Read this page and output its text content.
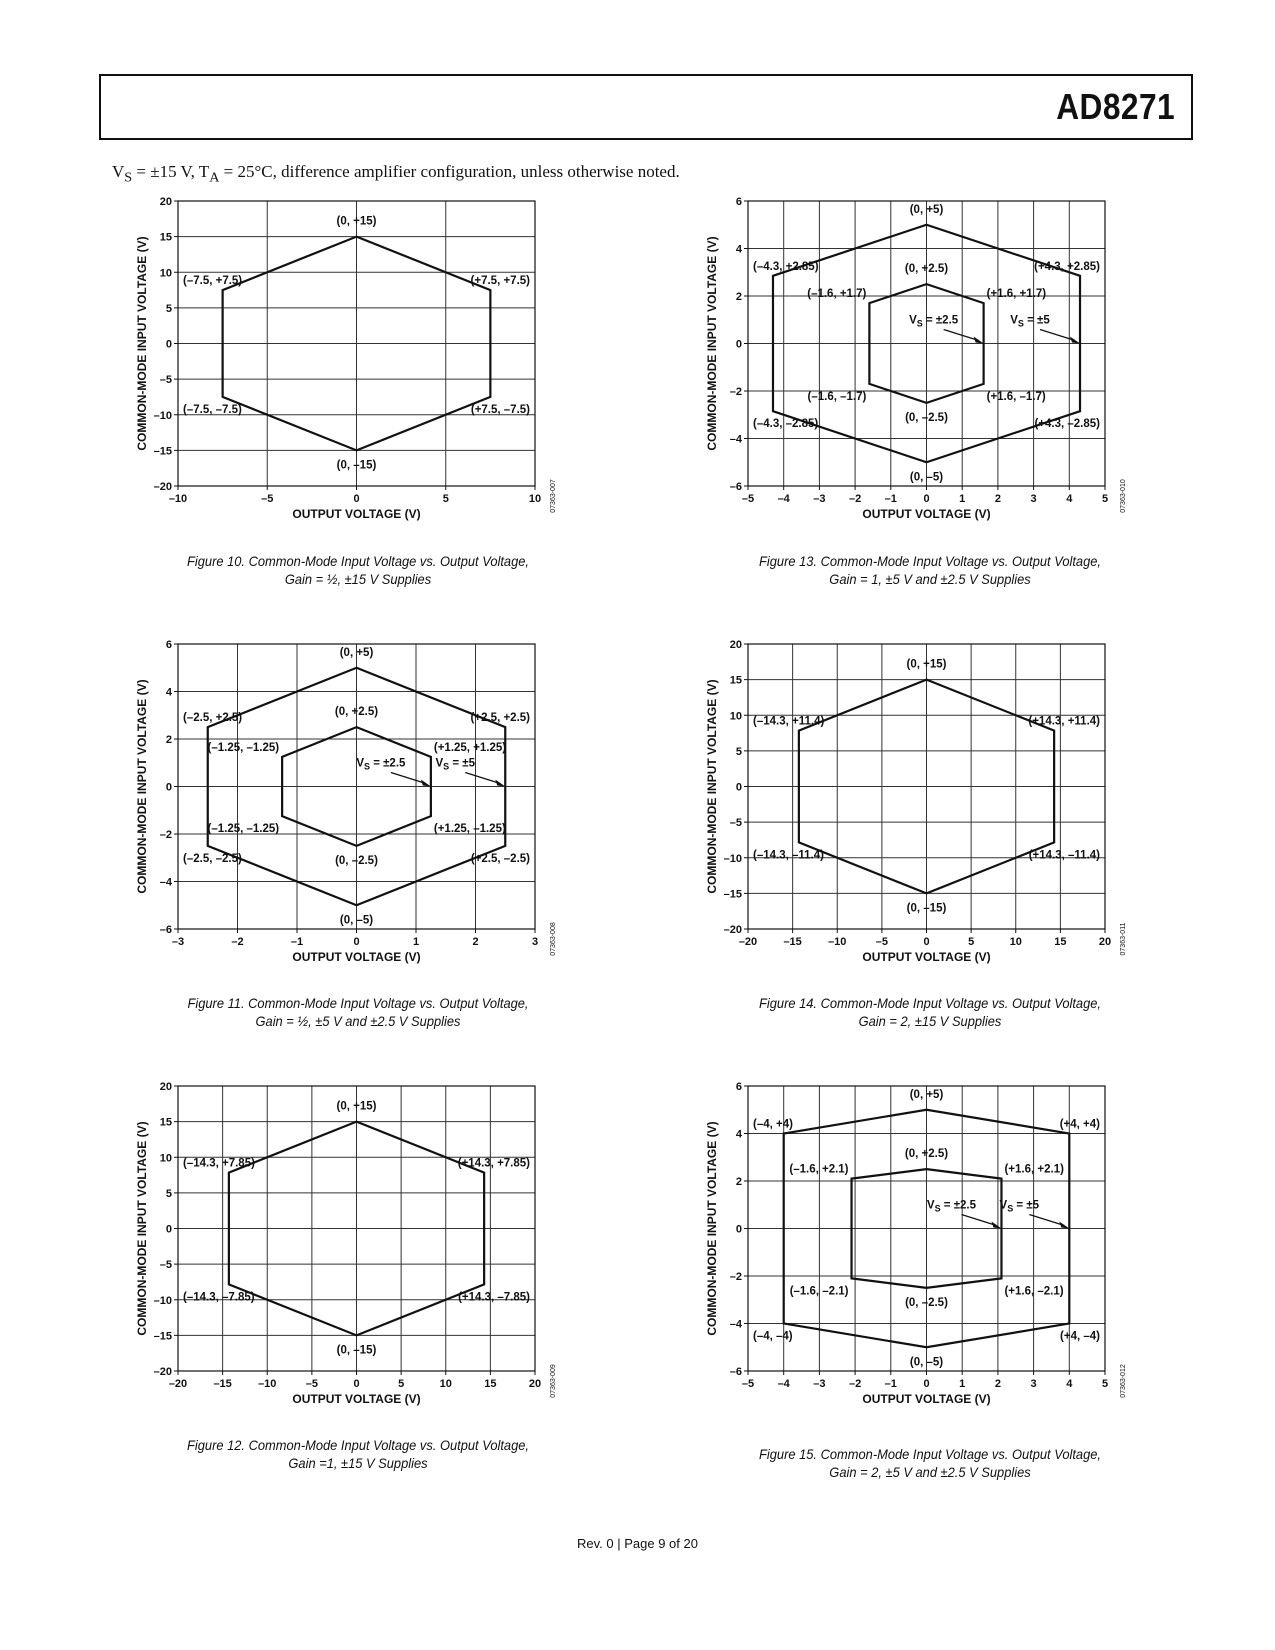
AD8271
$V_S = \pm 15$ V, $T_A = 25^\circ C$, difference amplifier configuration, unless otherwise noted.
–10	–5	0	5	10
–20
–15
–10
–5
0
5
10
15
20
(0, +15)
(–7.5, +7.5)	(+7.5, +7.5)
(–7.5, –7.5)	(+7.5, –7.5)
(0, –15)
OUTPUT VOLTAGE (V)
COMMON-MODE INPUT VOLTAGE (V)
07363-007
Figure 10. Common-Mode Input Voltage vs. Output Voltage,
Gain = ½, ±15 V Supplies
–5 –4 –3 –2 –1 0	1	2	3	4	5
–6
–4
–2
0
2
4
6
(0, +5)
(–4.3, +2.85)	(+4.3, +2.85)
(0, +2.5)
(–1.6, +1.7)	(+1.6, +1.7)
(–1.6, –1.7)	(+1.6, –1.7)
(0, –2.5)
(–4.3, –2.85)	(+4.3, –2.85)
(0, –5)
$V_S = \pm 2.5$	$V_S = \pm 5$
OUTPUT VOLTAGE (V)
COMMON-MODE INPUT VOLTAGE (V)
07363-010
Figure 13. Common-Mode Input Voltage vs. Output Voltage,
Gain = 1, ±5 V and ±2.5 V Supplies
–3	–2	–1	0	1	2	3
–6
–4
–2
0
2
4
6
(0, +5)
(–2.5, +2.5)	(+2.5, +2.5)
(0, +2.5)
(–1.25, –1.25)	(+1.25, +1.25)
(–1.25, –1.25)	(+1.25, –1.25)
(0, –2.5)
(–2.5, –2.5)	(+2.5, –2.5)
(0, –5)
$V_S = \pm 2.5$	$V_S = \pm 5$
OUTPUT VOLTAGE (V)
COMMON-MODE INPUT VOLTAGE (V)
07363-008
Figure 11. Common-Mode Input Voltage vs. Output Voltage,
Gain = ½, ±5 V and ±2.5 V Supplies
–20 –15 –10	–5	0	5	10	15	20
–20
–15
–10
–5
0
5
10
15
20
(0, +15)
(–14.3, +11.4)	(+14.3, +11.4)
(–14.3, –11.4)	(+14.3, –11.4)
(0, –15)
OUTPUT VOLTAGE (V)
COMMON-MODE INPUT VOLTAGE (V)
07363-011
Figure 14. Common-Mode Input Voltage vs. Output Voltage,
Gain = 2, ±15 V Supplies
–20 –15 –10	–5	0	5	10	15	20
–20
–15
–10
–5
0
5
10
15
20
(0, +15)
(–14.3, +7.85)	(+14.3, +7.85)
(–14.3, –7.85)	(+14.3, –7.85)
(0, –15)
OUTPUT VOLTAGE (V)
COMMON-MODE INPUT VOLTAGE (V)
07363-009
Figure 12. Common-Mode Input Voltage vs. Output Voltage,
Gain =1, ±15 V Supplies
–5 –4 –3 –2 –1 0	1	2	3	4	5
–6
–4
–2
0
2
4
6
(0, +5)
(–4, +4)	(+4, +4)
(0, +2.5)
(–1.6, +2.1)	(+1.6, +2.1)
(–1.6, –2.1)	(+1.6, –2.1)
(0, –2.5)
(–4, –4)	(+4, –4)
(0, –5)
$V_S = \pm 2.5$ $V_S = \pm 5$
OUTPUT VOLTAGE (V)
COMMON-MODE INPUT VOLTAGE (V)
07363-012
Figure 15. Common-Mode Input Voltage vs. Output Voltage,
Gain = 2, ±5 V and ±2.5 V Supplies
Rev. 0 | Page 9 of 20
